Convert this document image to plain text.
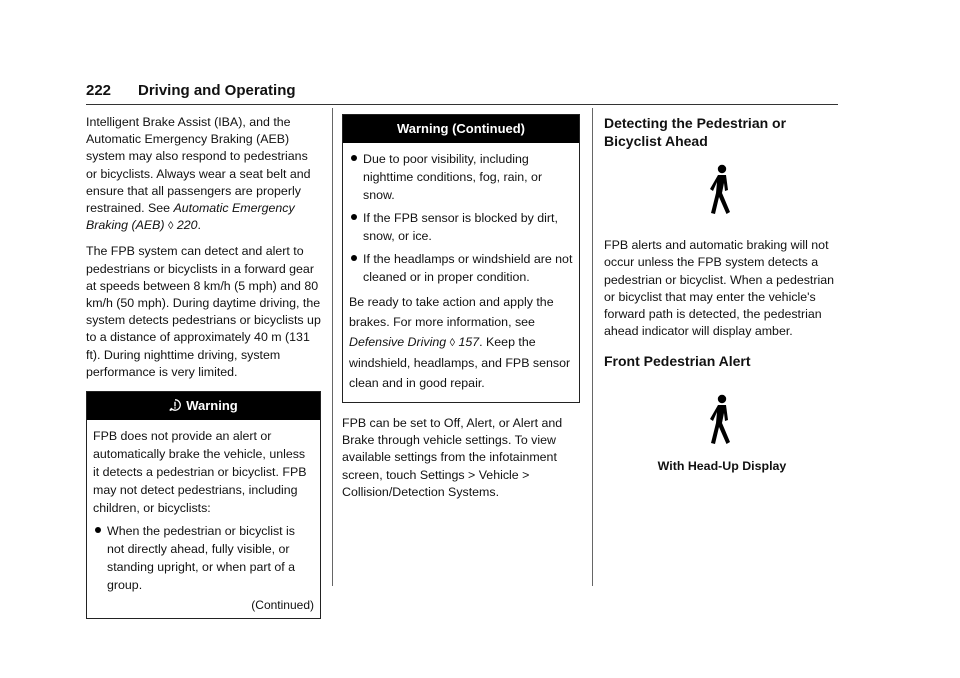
222 Driving and Operating

Intelligent Brake Assist (IBA), and the Automatic Emergency Braking (AEB) system may also respond to pedestrians or bicyclists. Always wear a seat belt and ensure that all passengers are properly restrained. See Automatic Emergency Braking (AEB) ◊ 220.

The FPB system can detect and alert to pedestrians or bicyclists in a forward gear at speeds between 8 km/h (5 mph) and 80 km/h (50 mph). During daytime driving, the system detects pedestrians or bicyclists up to a distance of approximately 40 m (131 ft). During nighttime driving, system performance is very limited.

Warning

FPB does not provide an alert or automatically brake the vehicle, unless it detects a pedestrian or bicyclist. FPB may not detect pedestrians, including children, or bicyclists:

When the pedestrian or bicyclist is not directly ahead, fully visible, or standing upright, or when part of a group.
(Continued)
Warning (Continued)
Due to poor visibility, including nighttime conditions, fog, rain, or snow.
If the FPB sensor is blocked by dirt, snow, or ice.
If the headlamps or windshield are not cleaned or in proper condition.

Be ready to take action and apply the brakes. For more information, see Defensive Driving ◊ 157. Keep the windshield, headlamps, and FPB sensor clean and in good repair.

FPB can be set to Off, Alert, or Alert and Brake through vehicle settings. To view available settings from the infotainment screen, touch Settings > Vehicle > Collision/Detection Systems.

Detecting the Pedestrian or Bicyclist Ahead

FPB alerts and automatic braking will not occur unless the FPB system detects a pedestrian or bicyclist. When a pedestrian or bicyclist that may enter the vehicle's forward path is detected, the pedestrian ahead indicator will display amber.

Front Pedestrian Alert
With Head-Up Display
